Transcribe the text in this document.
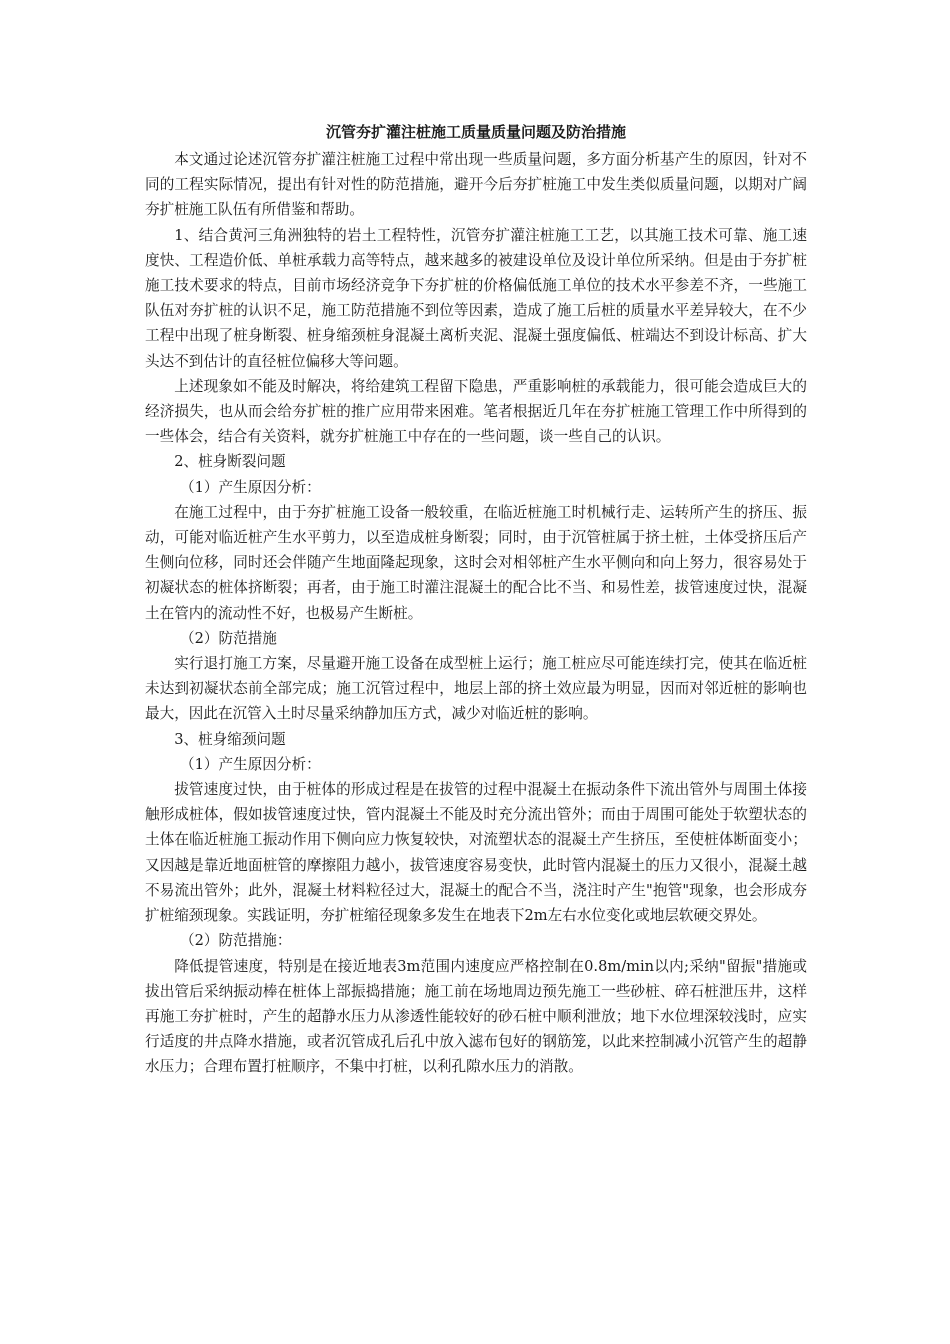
沉管夯扩灌注桩施工质量质量问题及防治措施

本文通过论述沉管夯扩灌注桩施工过程中常出现一些质量问题，多方面分析基产生的原因，针对不同的工程实际情况，提出有针对性的防范措施，避开今后夯扩桩施工中发生类似质量问题，以期对广阔夯扩桩施工队伍有所借鉴和帮助。

1、结合黄河三角洲独特的岩土工程特性，沉管夯扩灌注桩施工工艺，以其施工技术可靠、施工速度快、工程造价低、单桩承载力高等特点，越来越多的被建设单位及设计单位所采纳。但是由于夯扩桩施工技术要求的特点，目前市场经济竞争下夯扩桩的价格偏低施工单位的技术水平参差不齐，一些施工队伍对夯扩桩的认识不足，施工防范措施不到位等因素，造成了施工后桩的质量水平差异较大，在不少工程中出现了桩身断裂、桩身缩颈桩身混凝土离析夹泥、混凝土强度偏低、桩端达不到设计标高、扩大头达不到估计的直径桩位偏移大等问题。

上述现象如不能及时解决，将给建筑工程留下隐患，严重影响桩的承载能力，很可能会造成巨大的经济损失，也从而会给夯扩桩的推广应用带来困难。笔者根据近几年在夯扩桩施工管理工作中所得到的一些体会，结合有关资料，就夯扩桩施工中存在的一些问题，谈一些自己的认识。

2、桩身断裂问题

（1）产生原因分析：

在施工过程中，由于夯扩桩施工设备一般较重，在临近桩施工时机械行走、运转所产生的挤压、振动，可能对临近桩产生水平剪力，以至造成桩身断裂；同时，由于沉管桩属于挤土桩，土体受挤压后产生侧向位移，同时还会伴随产生地面隆起现象，这时会对相邻桩产生水平侧向和向上努力，很容易处于初凝状态的桩体挤断裂；再者，由于施工时灌注混凝土的配合比不当、和易性差，拔管速度过快，混凝土在管内的流动性不好，也极易产生断桩。

（2）防范措施

实行退打施工方案，尽量避开施工设备在成型桩上运行；施工桩应尽可能连续打完，使其在临近桩未达到初凝状态前全部完成；施工沉管过程中，地层上部的挤土效应最为明显，因而对邻近桩的影响也最大，因此在沉管入土时尽量采纳静加压方式，减少对临近桩的影响。

3、桩身缩颈问题

（1）产生原因分析：

拔管速度过快，由于桩体的形成过程是在拔管的过程中混凝土在振动条件下流出管外与周围土体接触形成桩体，假如拔管速度过快，管内混凝土不能及时充分流出管外；而由于周围可能处于软塑状态的土体在临近桩施工振动作用下侧向应力恢复较快，对流塑状态的混凝土产生挤压，至使桩体断面变小；又因越是靠近地面桩管的摩擦阻力越小，拔管速度容易变快，此时管内混凝土的压力又很小，混凝土越不易流出管外；此外，混凝土材料粒径过大，混凝土的配合不当，浇注时产生"抱管"现象，也会形成夯扩桩缩颈现象。实践证明，夯扩桩缩径现象多发生在地表下2m左右水位变化或地层软硬交界处。

（2）防范措施：

降低提管速度，特别是在接近地表3m范围内速度应严格控制在0.8m/min以内;采纳"留振"措施或拔出管后采纳振动棒在桩体上部振捣措施；施工前在场地周边预先施工一些砂桩、碎石桩泄压井，这样再施工夯扩桩时，产生的超静水压力从渗透性能较好的砂石桩中顺利泄放；地下水位埋深较浅时，应实行适度的井点降水措施，或者沉管成孔后孔中放入滤布包好的钢筋笼，以此来控制减小沉管产生的超静水压力；合理布置打桩顺序，不集中打桩，以利孔隙水压力的消散。
